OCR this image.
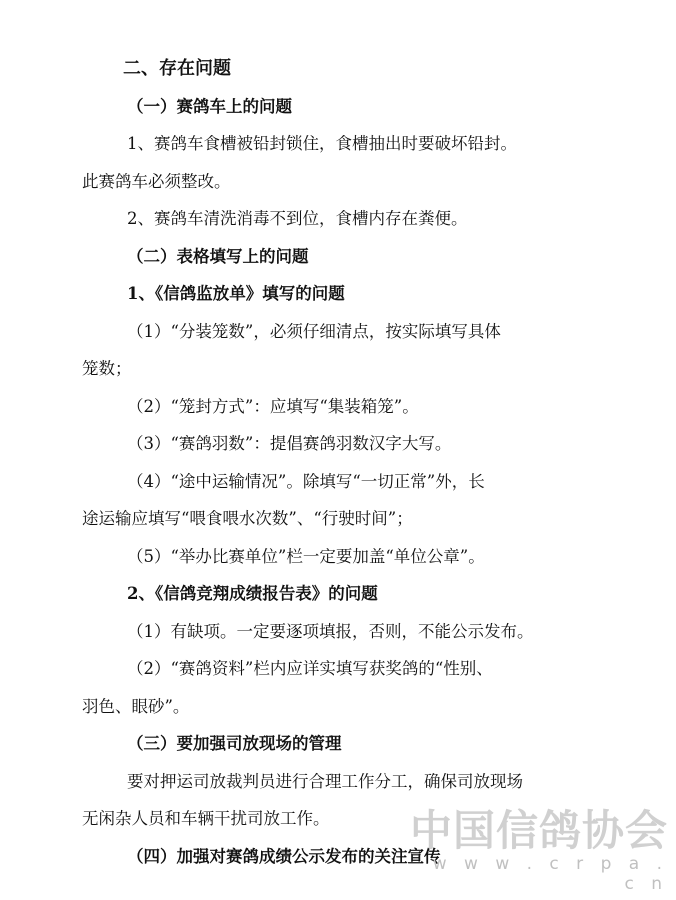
二、存在问题
（一）赛鸽车上的问题
1、赛鸽车食槽被铅封锁住，食槽抽出时要破坏铅封。
此赛鸽车必须整改。
2、赛鸽车清洗消毒不到位，食槽内存在粪便。
（二）表格填写上的问题
1、《信鸽监放单》填写的问题
（1）“分装笼数”，必须仔细清点，按实际填写具体
笼数；
（2）“笼封方式”：应填写“集装箱笼”。
（3）“赛鸽羽数”：提倡赛鸽羽数汉字大写。
（4）“途中运输情况”。除填写“一切正常”外，长
途运输应填写“喂食喂水次数”、“行驶时间”；
（5）“举办比赛单位”栏一定要加盖“单位公章”。
2、《信鸽竞翔成绩报告表》的问题
（1）有缺项。一定要逐项填报，否则，不能公示发布。
（2）“赛鸽资料”栏内应详实填写获奖鸽的“性别、
羽色、眼砂”。
（三）要加强司放现场的管理
要对押运司放裁判员进行合理工作分工，确保司放现场
无闲杂人员和车辆干扰司放工作。
（四）加强对赛鸽成绩公示发布的关注宣传
中国信鸽协会
w w w . c r p a . c n
